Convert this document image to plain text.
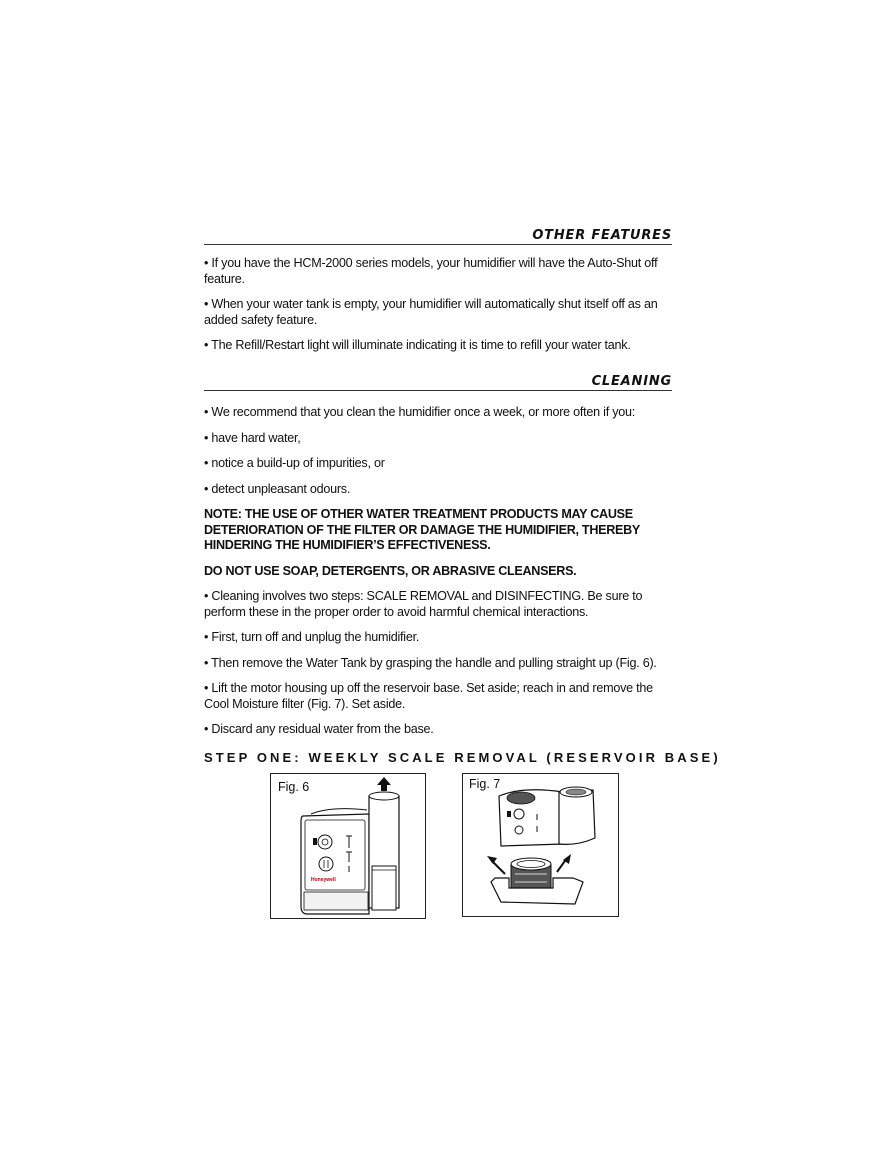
OTHER FEATURES

• If you have the HCM-2000 series models, your humidifier will have the Auto-Shut off feature.

• When your water tank is empty, your humidifier will automatically shut itself off as an added safety feature.

• The Refill/Restart light will illuminate indicating it is time to refill your water tank.

CLEANING

• We recommend that you clean the humidifier once a week, or more often if you:

• have hard water,

• notice a build-up of impurities, or

• detect unpleasant odours.

NOTE: THE USE OF OTHER WATER TREATMENT PRODUCTS MAY CAUSE DETERIORATION OF THE FILTER OR DAMAGE THE HUMIDIFIER, THEREBY HINDERING THE HUMIDIFIER’S EFFECTIVENESS.

DO NOT USE SOAP, DETERGENTS, OR ABRASIVE CLEANSERS.

• Cleaning involves two steps: SCALE REMOVAL and DISINFECTING. Be sure to perform these in the proper order to avoid harmful chemical interactions.

• First, turn off and unplug the humidifier.

• Then remove the Water Tank by grasping the handle and pulling straight up (Fig. 6).

• Lift the motor housing up off the reservoir base. Set aside; reach in and remove the Cool Moisture filter (Fig. 7). Set aside.

• Discard any residual water from the base.

STEP ONE: WEEKLY SCALE REMOVAL (RESERVOIR BASE)
Fig. 6
Honeywell
Fig. 7
